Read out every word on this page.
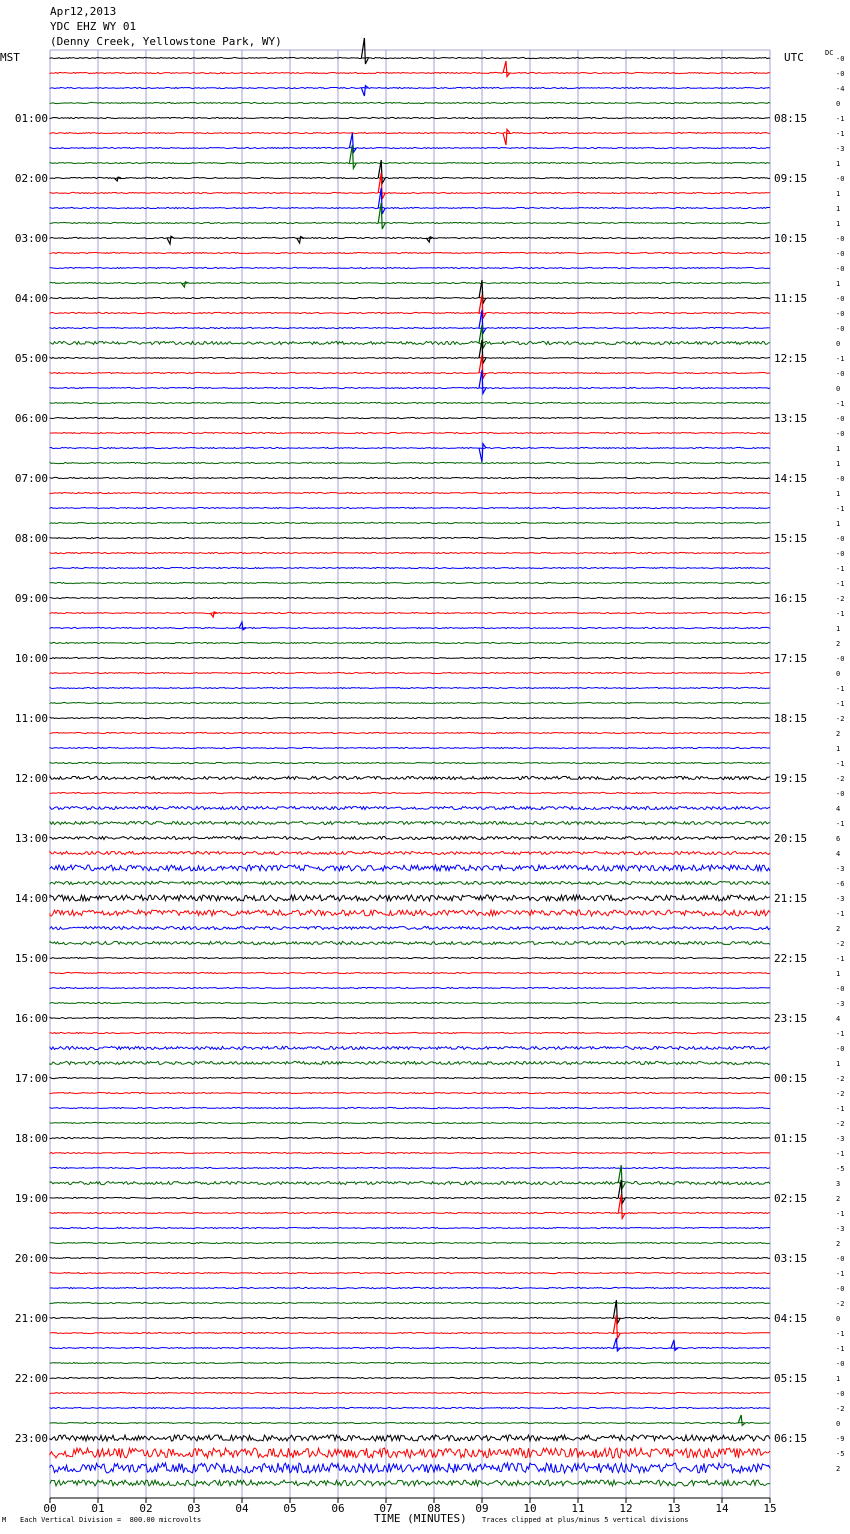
01:00
02:00
03:00
04:00
05:00
06:00
07:00
08:00
09:00
10:00
11:00
12:00
13:00
14:00
15:00
16:00
17:00
18:00
19:00
20:00
21:00
22:00
23:00
08:15
09:15
10:15
11:15
12:15
13:15
14:15
15:15
16:15
17:15
18:15
19:15
20:15
21:15
22:15
23:15
00:15
01:15
02:15
03:15
04:15
05:15
06:15
-0
-0
-4
0
-1
-1
-3
1
-0
1
1
1
-0
-0
-0
1
-0
-0
-0
0
-1
-0
0
-1
-0
-0
1
1
-0
1
-1
1
-0
-0
-1
-1
-2
-1
1
2
-0
0
-1
-1
-2
2
1
-1
-2
-0
4
-1
6
4
-3
-6
-3
-1
2
-2
-1
1
-0
-3
4
-1
-0
1
-2
-2
-1
-2
-3
-1
-5
3
2
-1
-3
2
-0
-1
-0
-2
0
-1
-1
-0
1
-0
-2
0
-9
-5
2
00	01	02	03	04	05	06	07	08	09	10	11	12	13	14	15
Apr12,2013
YDC EHZ WY 01
(Denny Creek, Yellowstone Park, WY)
MST	UTC	DC
M Each Vertical Division =  800.00 microvolts	TIME (MINUTES) Traces clipped at plus/minus 5 vertical divisions
